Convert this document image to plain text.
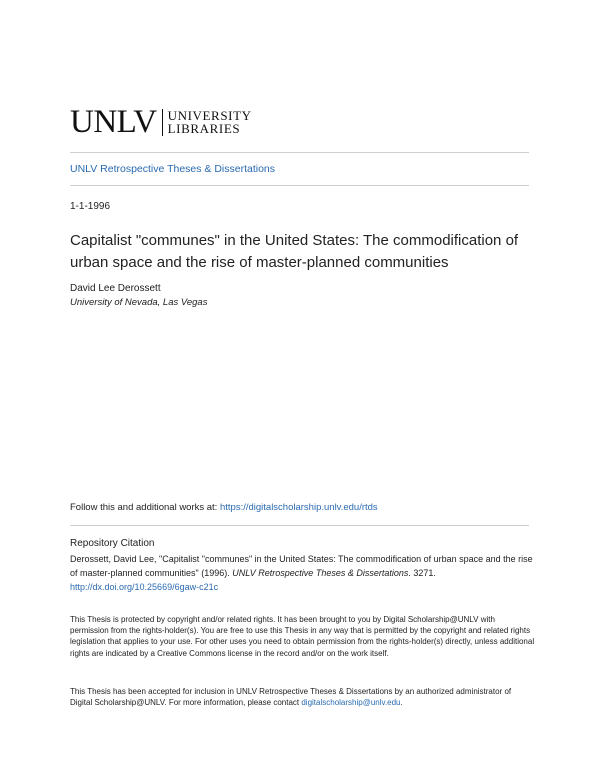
UNLV UNIVERSITY
LIBRARIES
UNLV Retrospective Theses & Dissertations
1-1-1996
Capitalist "communes" in the United States: The commodification of urban space and the rise of master-planned communities
David Lee Derossett
University of Nevada, Las Vegas
Follow this and additional works at: https://digitalscholarship.unlv.edu/rtds
Repository Citation
Derossett, David Lee, "Capitalist "communes" in the United States: The commodification of urban space and the rise of master-planned communities" (1996). UNLV Retrospective Theses & Dissertations. 3271.
http://dx.doi.org/10.25669/6gaw-c21c
This Thesis is protected by copyright and/or related rights. It has been brought to you by Digital Scholarship@UNLV with permission from the rights-holder(s). You are free to use this Thesis in any way that is permitted by the copyright and related rights legislation that applies to your use. For other uses you need to obtain permission from the rights-holder(s) directly, unless additional rights are indicated by a Creative Commons license in the record and/or on the work itself.
This Thesis has been accepted for inclusion in UNLV Retrospective Theses & Dissertations by an authorized administrator of Digital Scholarship@UNLV. For more information, please contact digitalscholarship@unlv.edu.
